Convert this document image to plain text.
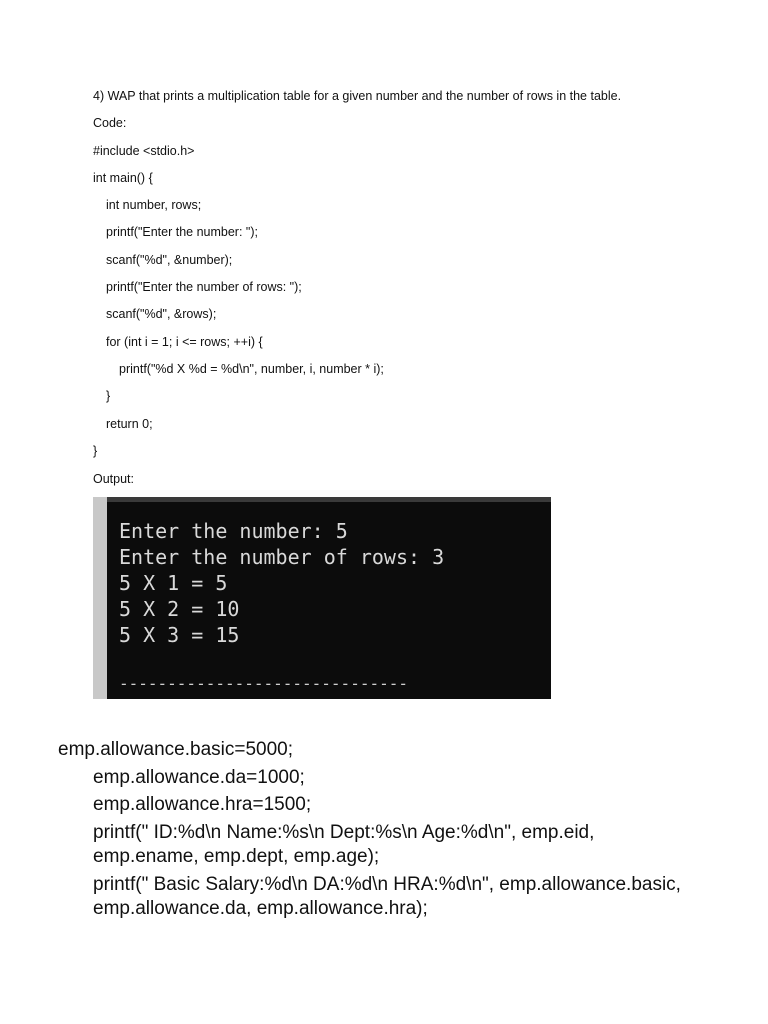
4) WAP that prints a multiplication table for a given number and the number of rows in the table.
Code:
#include <stdio.h>
int main() {
int number, rows;
printf("Enter the number: ");
scanf("%d", &number);
printf("Enter the number of rows: ");
scanf("%d", &rows);
for (int i = 1; i <= rows; ++i) {
printf("%d X %d = %d\n", number, i, number * i);
}
return 0;
}
Output:
Enter the number: 5
Enter the number of rows: 3
5 X 1 = 5
5 X 2 = 10
5 X 3 = 15
------------------------------
emp.allowance.basic=5000;
emp.allowance.da=1000;
emp.allowance.hra=1500;
printf(" ID:%d\n Name:%s\n Dept:%s\n Age:%d\n", emp.eid,
emp.ename, emp.dept, emp.age);
printf(" Basic Salary:%d\n DA:%d\n HRA:%d\n", emp.allowance.basic,
emp.allowance.da, emp.allowance.hra);
